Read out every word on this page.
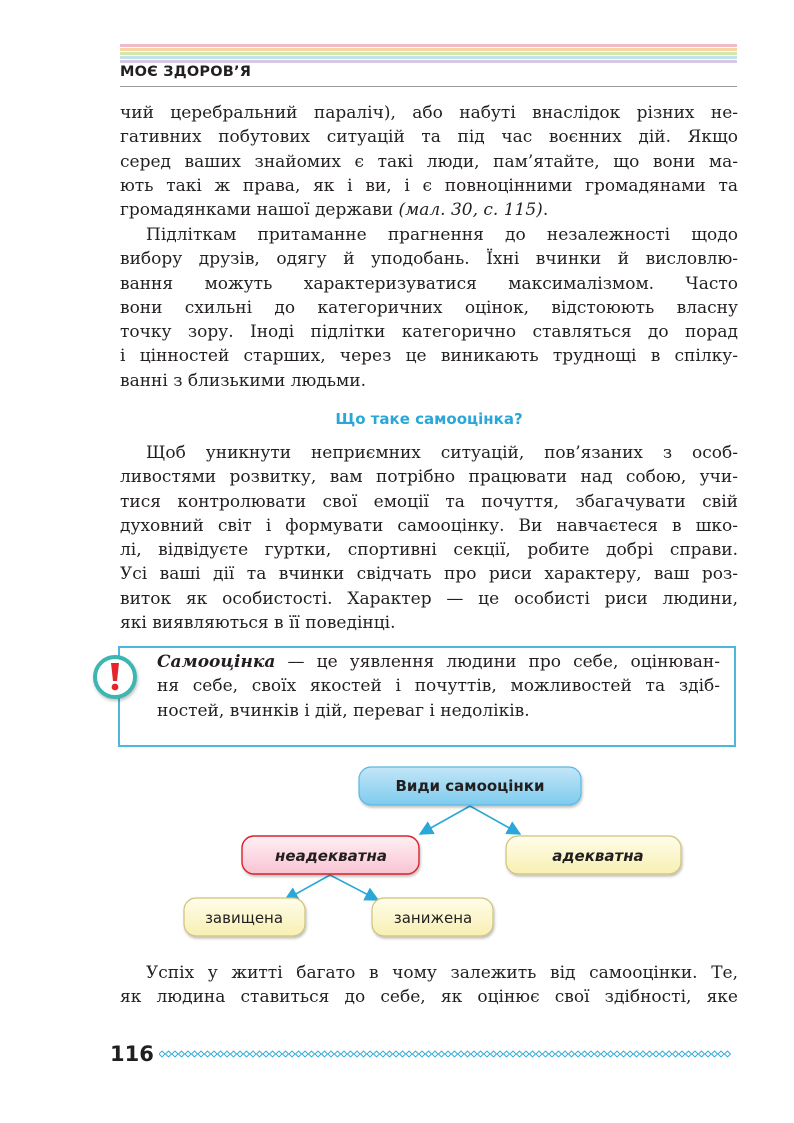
МОЄ ЗДОРОВ’Я
чий церебральний параліч), або набуті внаслідок різних не-
гативних побутових ситуацій та під час воєнних дій. Якщо
серед ваших знайомих є такі люди, пам’ятайте, що вони ма-
ють такі ж права, як і ви, і є повноцінними громадянами та
громадянками нашої держави (мал. 30, с. 115).
Підліткам притаманне прагнення до незалежності щодо
вибору друзів, одягу й уподобань. Їхні вчинки й висловлю-
вання можуть характеризуватися максималізмом. Часто
вони схильні до категоричних оцінок, відстоюють власну
точку зору. Іноді підлітки категорично ставляться до порад
і цінностей старших, через це виникають труднощі в спілку-
ванні з близькими людьми.
Що таке самооцінка?
Щоб уникнути неприємних ситуацій, пов’язаних з особ-
ливостями розвитку, вам потрібно працювати над собою, учи-
тися контролювати свої емоції та почуття, збагачувати свій
духовний світ і формувати самооцінку. Ви навчаєтеся в шко-
лі, відвідуєте гуртки, спортивні секції, робите добрі справи.
Усі ваші дії та вчинки свідчать про риси характеру, ваш роз-
виток як особистості. Характер — це особисті риси людини,
які виявляються в її поведінці.
Самооцінка — це уявлення людини про себе, оцінюван-
ня себе, своїх якостей і почуттів, можливостей та здіб-
ностей, вчинків і дій, переваг і недоліків.
Види самооцінки
неадекватна	адекватна
завищена	занижена
Успіх у житті багато в чому залежить від самооцінки. Те,
як людина ставиться до себе, як оцінює свої здібності, яке
116
